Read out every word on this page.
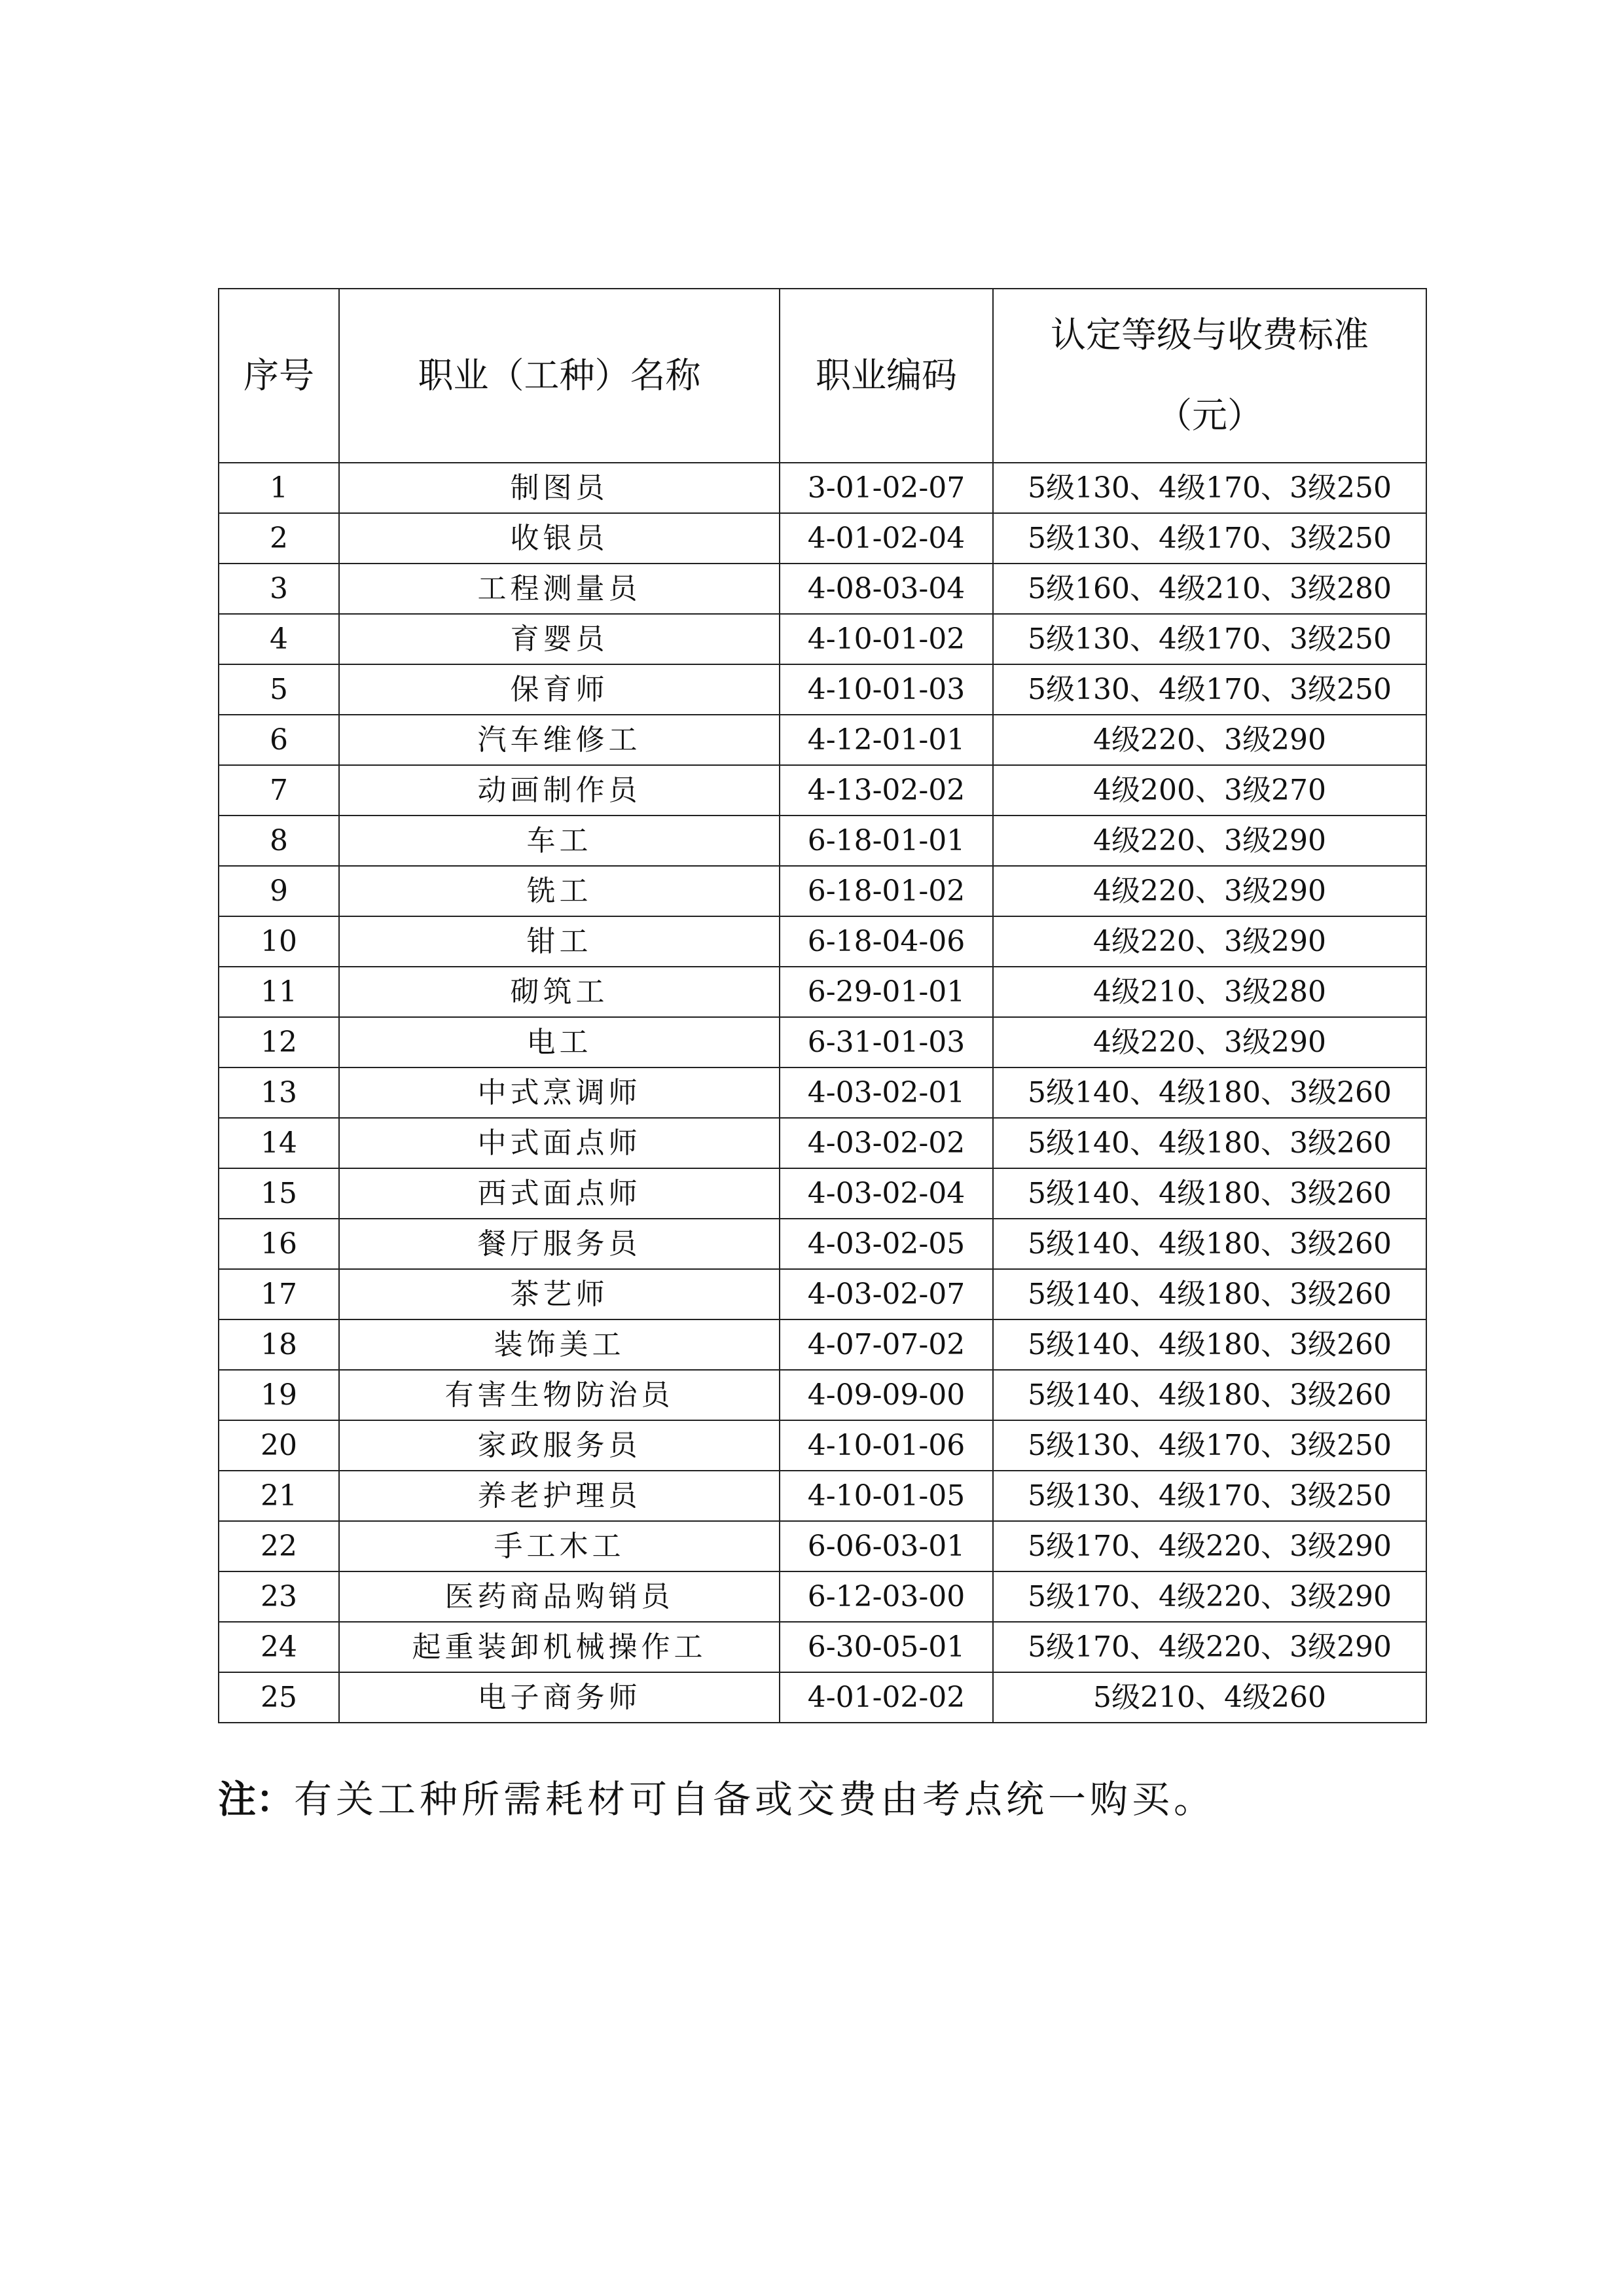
序号	职业（工种）名称	职业编码	认定等级与收费标准
（元）

1	制图员	3-01-02-07	5级130、4级170、3级250
2	收银员	4-01-02-04	5级130、4级170、3级250
3	工程测量员	4-08-03-04	5级160、4级210、3级280
4	育婴员	4-10-01-02	5级130、4级170、3级250
5	保育师	4-10-01-03	5级130、4级170、3级250
6	汽车维修工	4-12-01-01	4级220、3级290
7	动画制作员	4-13-02-02	4级200、3级270
8	车工	6-18-01-01	4级220、3级290
9	铣工	6-18-01-02	4级220、3级290
10	钳工	6-18-04-06	4级220、3级290
11	砌筑工	6-29-01-01	4级210、3级280
12	电工	6-31-01-03	4级220、3级290
13	中式烹调师	4-03-02-01	5级140、4级180、3级260
14	中式面点师	4-03-02-02	5级140、4级180、3级260
15	西式面点师	4-03-02-04	5级140、4级180、3级260
16	餐厅服务员	4-03-02-05	5级140、4级180、3级260
17	茶艺师	4-03-02-07	5级140、4级180、3级260
18	装饰美工	4-07-07-02	5级140、4级180、3级260
19	有害生物防治员	4-09-09-00	5级140、4级180、3级260
20	家政服务员	4-10-01-06	5级130、4级170、3级250
21	养老护理员	4-10-01-05	5级130、4级170、3级250
22	手工木工	6-06-03-01	5级170、4级220、3级290
23	医药商品购销员	6-12-03-00	5级170、4级220、3级290
24	起重装卸机械操作工	6-30-05-01	5级170、4级220、3级290
25	电子商务师	4-01-02-02	5级210、4级260
注：有关工种所需耗材可自备或交费由考点统一购买。
